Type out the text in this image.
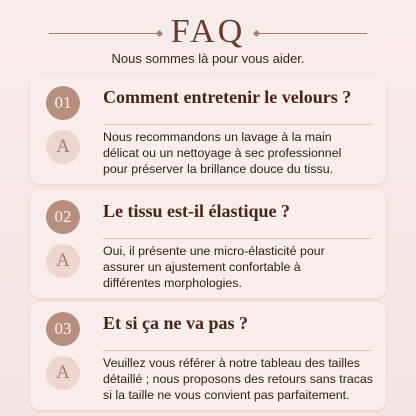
FAQ
Nous sommes là pour vous aider.
01	Comment entretenir le velours ?
A	Nous recommandons un lavage à la main
délicat ou un nettoyage à sec professionnel
pour préserver la brillance douce du tissu.
02	Le tissu est-il élastique ?
A	Oui, il présente une micro-élasticité pour
assurer un ajustement confortable à
différentes morphologies.
03	Et si ça ne va pas ?
A	Veuillez vous référer à notre tableau des tailles
détaillé ; nous proposons des retours sans tracas
si la taille ne vous convient pas parfaitement.
